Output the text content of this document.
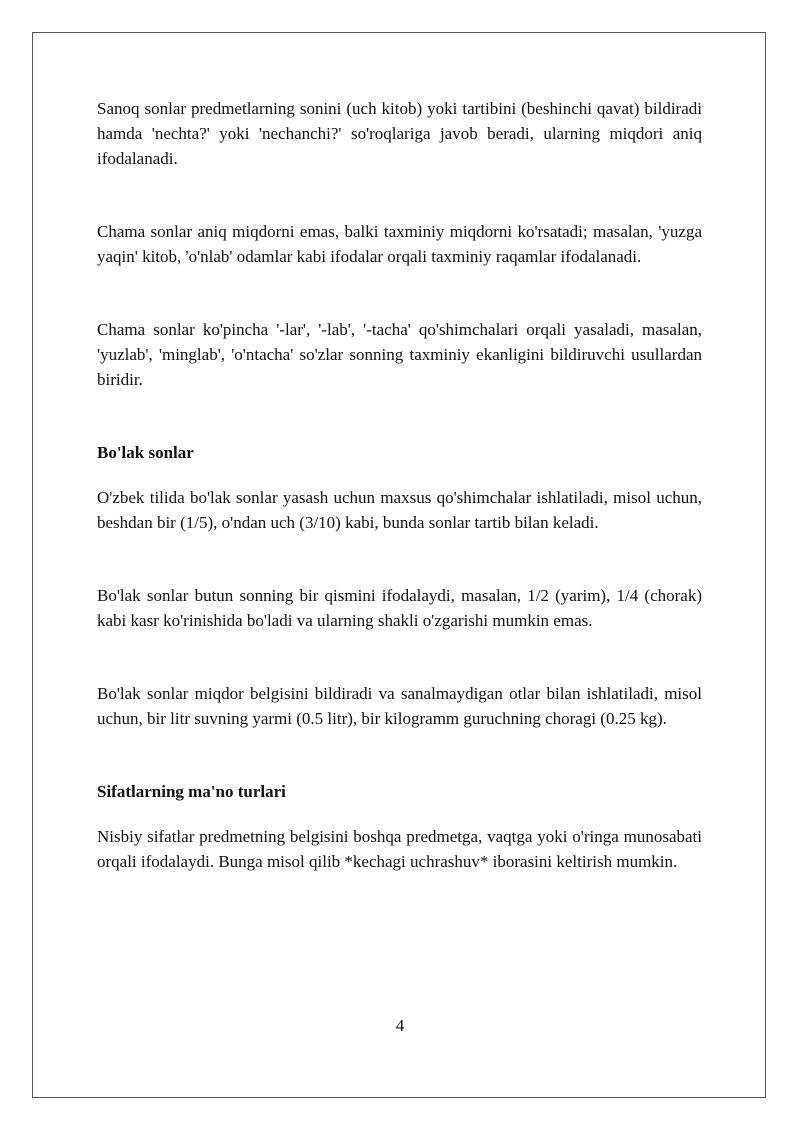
Sanoq sonlar predmetlarning sonini (uch kitob) yoki tartibini (beshinchi qavat) bildiradi hamda 'nechta?' yoki 'nechanchi?' so'roqlariga javob beradi, ularning miqdori aniq ifodalanadi.

Chama sonlar aniq miqdorni emas, balki taxminiy miqdorni ko'rsatadi; masalan, 'yuzga yaqin' kitob, 'o'nlab' odamlar kabi ifodalar orqali taxminiy raqamlar ifodalanadi.

Chama sonlar ko'pincha '-lar', '-lab', '-tacha' qo'shimchalari orqali yasaladi, masalan, 'yuzlab', 'minglab', 'o'ntacha' so'zlar sonning taxminiy ekanligini bildiruvchi usullardan biridir.

Bo'lak sonlar

O'zbek tilida bo'lak sonlar yasash uchun maxsus qo'shimchalar ishlatiladi, misol uchun, beshdan bir (1/5), o'ndan uch (3/10) kabi, bunda sonlar tartib bilan keladi.

Bo'lak sonlar butun sonning bir qismini ifodalaydi, masalan, 1/2 (yarim), 1/4 (chorak) kabi kasr ko'rinishida bo'ladi va ularning shakli o'zgarishi mumkin emas.

Bo'lak sonlar miqdor belgisini bildiradi va sanalmaydigan otlar bilan ishlatiladi, misol uchun, bir litr suvning yarmi (0.5 litr), bir kilogramm guruchning choragi (0.25 kg).

Sifatlarning ma'no turlari

Nisbiy sifatlar predmetning belgisini boshqa predmetga, vaqtga yoki o'ringa munosabati orqali ifodalaydi. Bunga misol qilib *kechagi uchrashuv* iborasini keltirish mumkin.

4
